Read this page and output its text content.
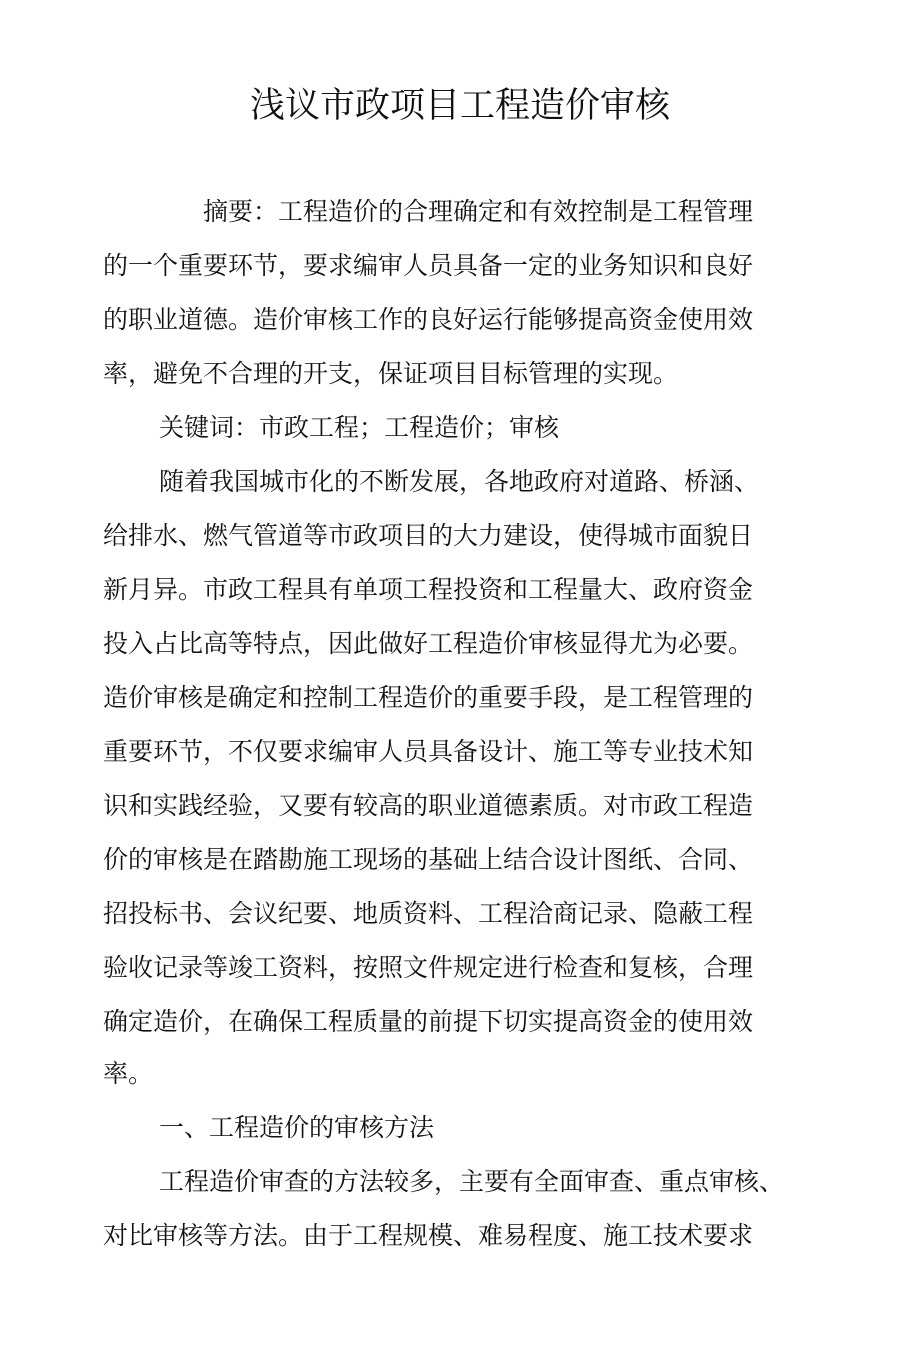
浅议市政项目工程造价审核
摘要：工程造价的合理确定和有效控制是工程管理
的一个重要环节，要求编审人员具备一定的业务知识和良好
的职业道德。造价审核工作的良好运行能够提高资金使用效
率，避免不合理的开支，保证项目目标管理的实现。
关键词：市政工程；工程造价；审核
随着我国城市化的不断发展，各地政府对道路、桥涵、
给排水、燃气管道等市政项目的大力建设，使得城市面貌日
新月异。市政工程具有单项工程投资和工程量大、政府资金
投入占比高等特点，因此做好工程造价审核显得尤为必要。
造价审核是确定和控制工程造价的重要手段，是工程管理的
重要环节，不仅要求编审人员具备设计、施工等专业技术知
识和实践经验，又要有较高的职业道德素质。对市政工程造
价的审核是在踏勘施工现场的基础上结合设计图纸、合同、
招投标书、会议纪要、地质资料、工程洽商记录、隐蔽工程
验收记录等竣工资料，按照文件规定进行检查和复核，合理
确定造价，在确保工程质量的前提下切实提高资金的使用效
率。
一、工程造价的审核方法
工程造价审查的方法较多，主要有全面审查、重点审核、
对比审核等方法。由于工程规模、难易程度、施工技术要求
